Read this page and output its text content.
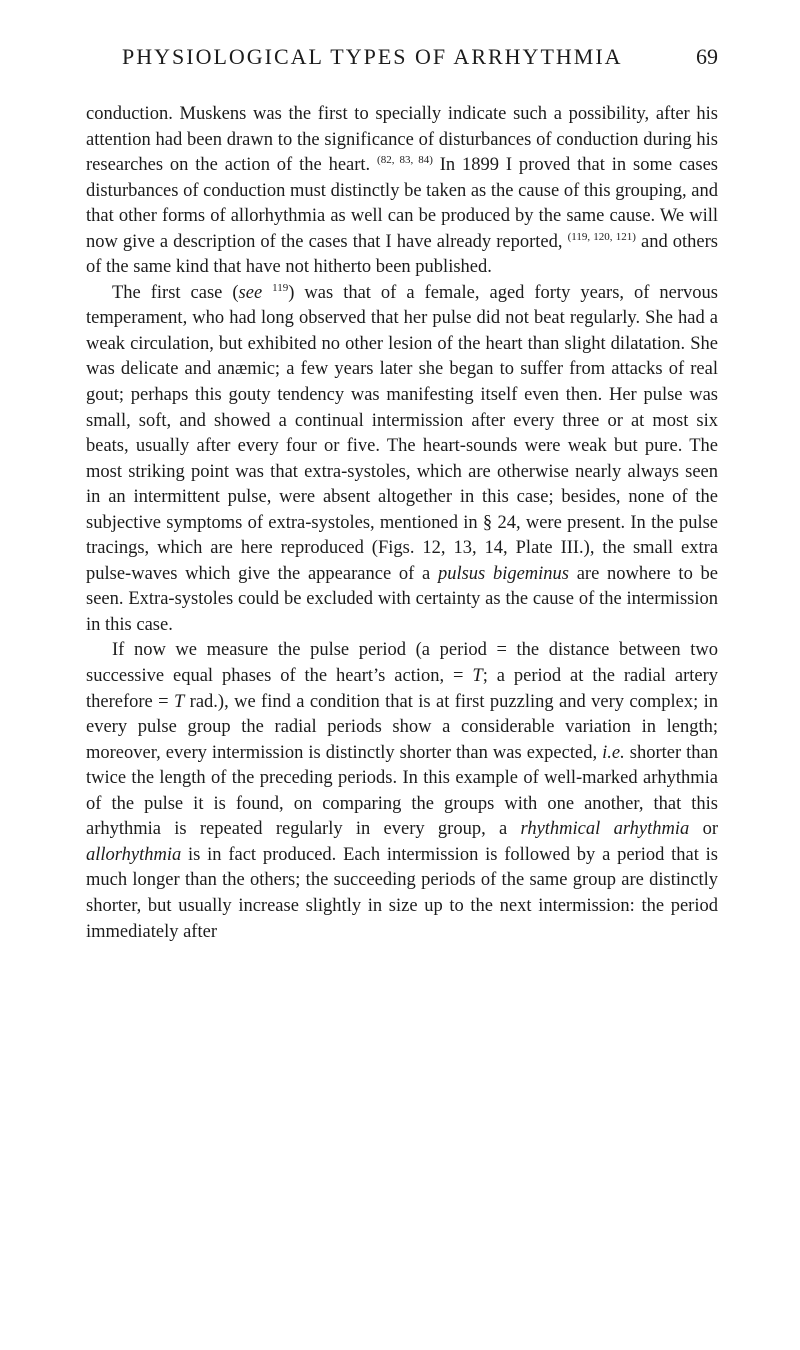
PHYSIOLOGICAL TYPES OF ARRHYTHMIA	69

conduction. Muskens was the first to specially indicate such a possibility, after his attention had been drawn to the significance of disturbances of conduction during his researches on the action of the heart. $^{(82, 83, 84)}$ In 1899 I proved that in some cases disturbances of conduction must distinctly be taken as the cause of this grouping, and that other forms of allorhythmia as well can be produced by the same cause. We will now give a description of the cases that I have already reported, $^{(119, 120, 121)}$ and others of the same kind that have not hitherto been published.

The first case (see $^{119}$) was that of a female, aged forty years, of nervous temperament, who had long observed that her pulse did not beat regularly. She had a weak circulation, but exhibited no other lesion of the heart than slight dilatation. She was delicate and anæmic; a few years later she began to suffer from attacks of real gout; perhaps this gouty tendency was manifesting itself even then. Her pulse was small, soft, and showed a continual intermission after every three or at most six beats, usually after every four or five. The heart-sounds were weak but pure. The most striking point was that extra-systoles, which are otherwise nearly always seen in an intermittent pulse, were absent altogether in this case; besides, none of the subjective symptoms of extra-systoles, mentioned in § 24, were present. In the pulse tracings, which are here reproduced (Figs. 12, 13, 14, Plate III.), the small extra pulse-waves which give the appearance of a pulsus bigeminus are nowhere to be seen. Extra-systoles could be excluded with certainty as the cause of the intermission in this case.

If now we measure the pulse period (a period = the distance between two successive equal phases of the heart’s action, = T; a period at the radial artery therefore = T rad.), we find a condition that is at first puzzling and very complex; in every pulse group the radial periods show a considerable variation in length; moreover, every intermission is distinctly shorter than was expected, i.e. shorter than twice the length of the preceding periods. In this example of well-marked arhythmia of the pulse it is found, on comparing the groups with one another, that this arhythmia is repeated regularly in every group, a rhythmical arhythmia or allorhythmia is in fact produced. Each intermission is followed by a period that is much longer than the others; the succeeding periods of the same group are distinctly shorter, but usually increase slightly in size up to the next intermission: the period immediately after
